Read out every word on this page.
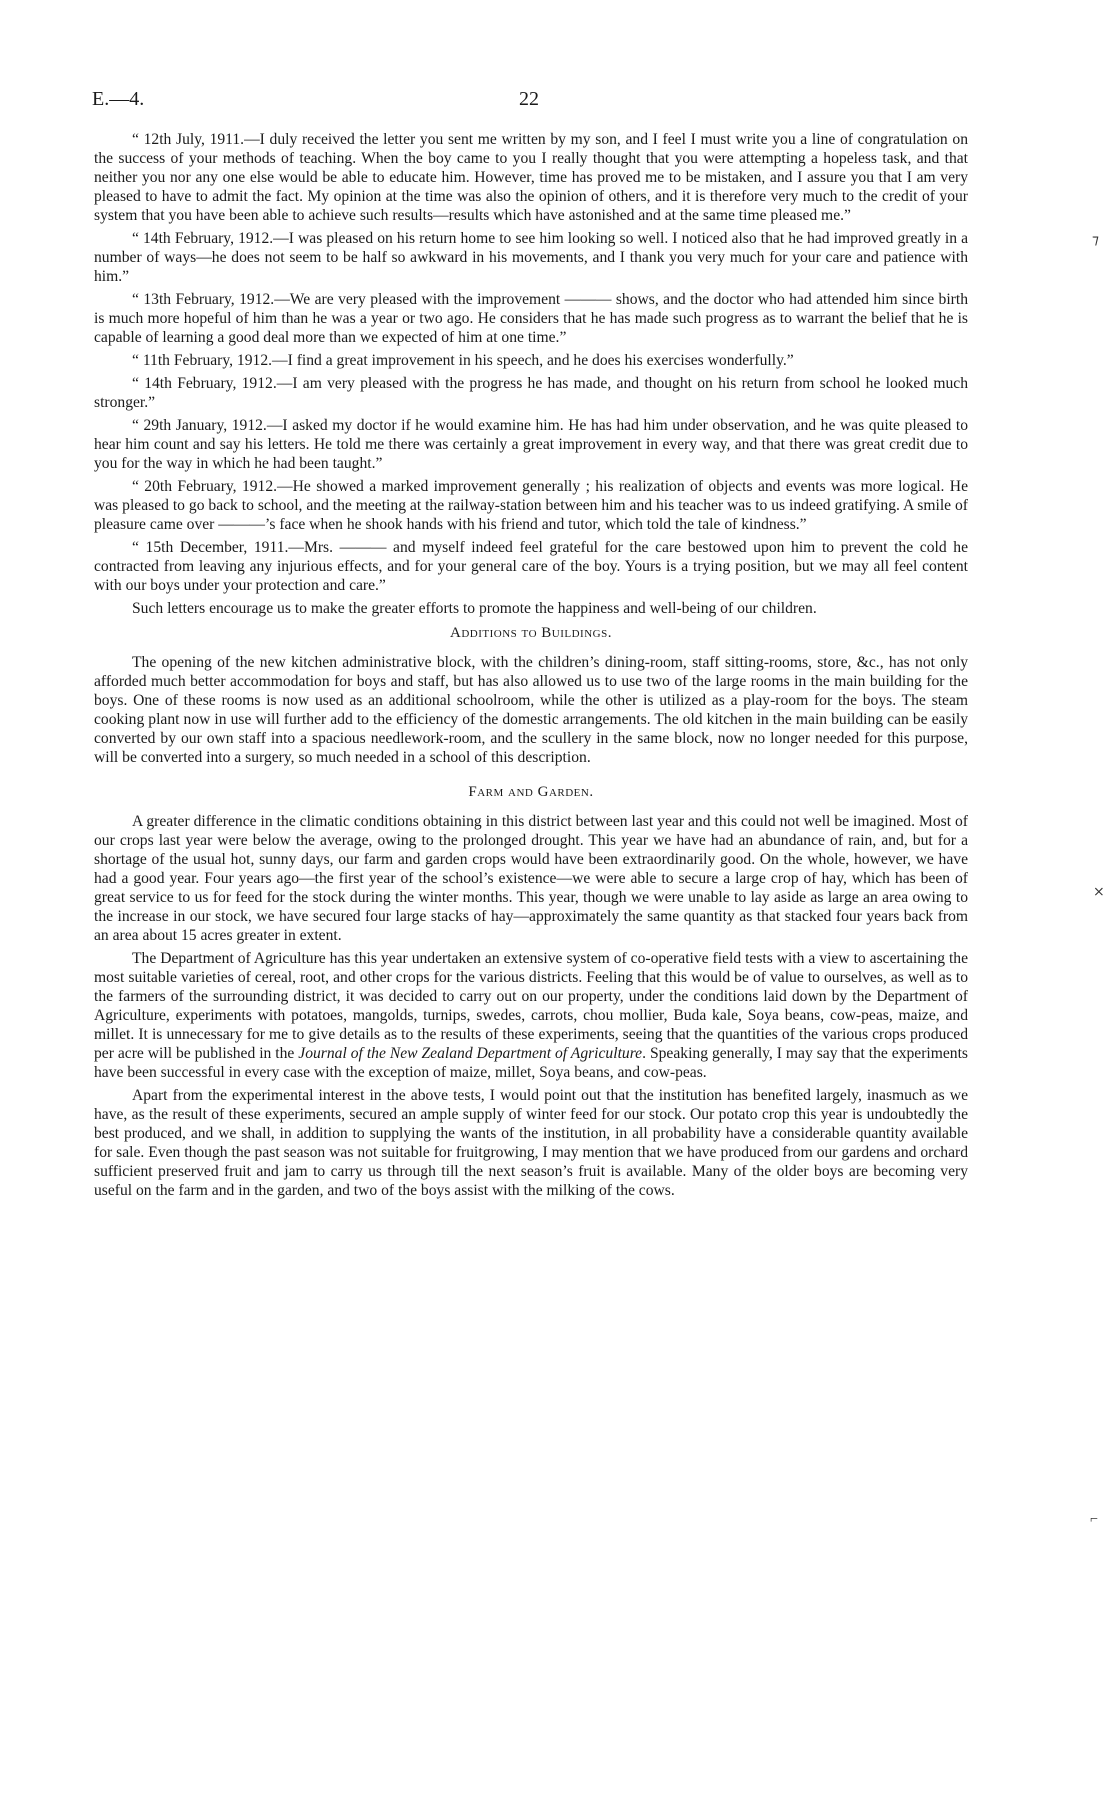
E.—4.	22

“ 12th July, 1911.—I duly received the letter you sent me written by my son, and I feel I must write you a line of congratulation on the success of your methods of teaching. When the boy came to you I really thought that you were attempting a hopeless task, and that neither you nor any one else would be able to educate him. However, time has proved me to be mistaken, and I assure you that I am very pleased to have to admit the fact. My opinion at the time was also the opinion of others, and it is therefore very much to the credit of your system that you have been able to achieve such results—results which have astonished and at the same time pleased me.”

“ 14th February, 1912.—I was pleased on his return home to see him looking so well. I noticed also that he had improved greatly in a number of ways—he does not seem to be half so awkward in his movements, and I thank you very much for your care and patience with him.”

“ 13th February, 1912.—We are very pleased with the improvement ——— shows, and the doctor who had attended him since birth is much more hopeful of him than he was a year or two ago. He considers that he has made such progress as to warrant the belief that he is capable of learning a good deal more than we expected of him at one time.”

“ 11th February, 1912.—I find a great improvement in his speech, and he does his exercises wonderfully.”

“ 14th February, 1912.—I am very pleased with the progress he has made, and thought on his return from school he looked much stronger.”

“ 29th January, 1912.—I asked my doctor if he would examine him. He has had him under observation, and he was quite pleased to hear him count and say his letters. He told me there was certainly a great improvement in every way, and that there was great credit due to you for the way in which he had been taught.”

“ 20th February, 1912.—He showed a marked improvement generally ; his realization of objects and events was more logical. He was pleased to go back to school, and the meeting at the railway-station between him and his teacher was to us indeed gratifying. A smile of pleasure came over ———’s face when he shook hands with his friend and tutor, which told the tale of kindness.”

“ 15th December, 1911.—Mrs. ——— and myself indeed feel grateful for the care bestowed upon him to prevent the cold he contracted from leaving any injurious effects, and for your general care of the boy. Yours is a trying position, but we may all feel content with our boys under your protection and care.”

Such letters encourage us to make the greater efforts to promote the happiness and well-being of our children.

Additions to Buildings.

The opening of the new kitchen administrative block, with the children’s dining-room, staff sitting-rooms, store, &c., has not only afforded much better accommodation for boys and staff, but has also allowed us to use two of the large rooms in the main building for the boys. One of these rooms is now used as an additional schoolroom, while the other is utilized as a play-room for the boys. The steam cooking plant now in use will further add to the efficiency of the domestic arrangements. The old kitchen in the main building can be easily converted by our own staff into a spacious needlework-room, and the scullery in the same block, now no longer needed for this purpose, will be converted into a surgery, so much needed in a school of this description.

Farm and Garden.

A greater difference in the climatic conditions obtaining in this district between last year and this could not well be imagined. Most of our crops last year were below the average, owing to the prolonged drought. This year we have had an abundance of rain, and, but for a shortage of the usual hot, sunny days, our farm and garden crops would have been extraordinarily good. On the whole, however, we have had a good year. Four years ago—the first year of the school’s existence—we were able to secure a large crop of hay, which has been of great service to us for feed for the stock during the winter months. This year, though we were unable to lay aside as large an area owing to the increase in our stock, we have secured four large stacks of hay—approximately the same quantity as that stacked four years back from an area about 15 acres greater in extent.

The Department of Agriculture has this year undertaken an extensive system of co-operative field tests with a view to ascertaining the most suitable varieties of cereal, root, and other crops for the various districts. Feeling that this would be of value to ourselves, as well as to the farmers of the surrounding district, it was decided to carry out on our property, under the conditions laid down by the Department of Agriculture, experiments with potatoes, mangolds, turnips, swedes, carrots, chou mollier, Buda kale, Soya beans, cow-peas, maize, and millet. It is unnecessary for me to give details as to the results of these experiments, seeing that the quantities of the various crops produced per acre will be published in the Journal of the New Zealand Department of Agriculture. Speaking generally, I may say that the experiments have been successful in every case with the exception of maize, millet, Soya beans, and cow-peas.

Apart from the experimental interest in the above tests, I would point out that the institution has benefited largely, inasmuch as we have, as the result of these experiments, secured an ample supply of winter feed for our stock. Our potato crop this year is undoubtedly the best produced, and we shall, in addition to supplying the wants of the institution, in all probability have a considerable quantity available for sale. Even though the past season was not suitable for fruitgrowing, I may mention that we have produced from our gardens and orchard sufficient preserved fruit and jam to carry us through till the next season’s fruit is available. Many of the older boys are becoming very useful on the farm and in the garden, and two of the boys assist with the milking of the cows.

⁊
⨯
⌐
